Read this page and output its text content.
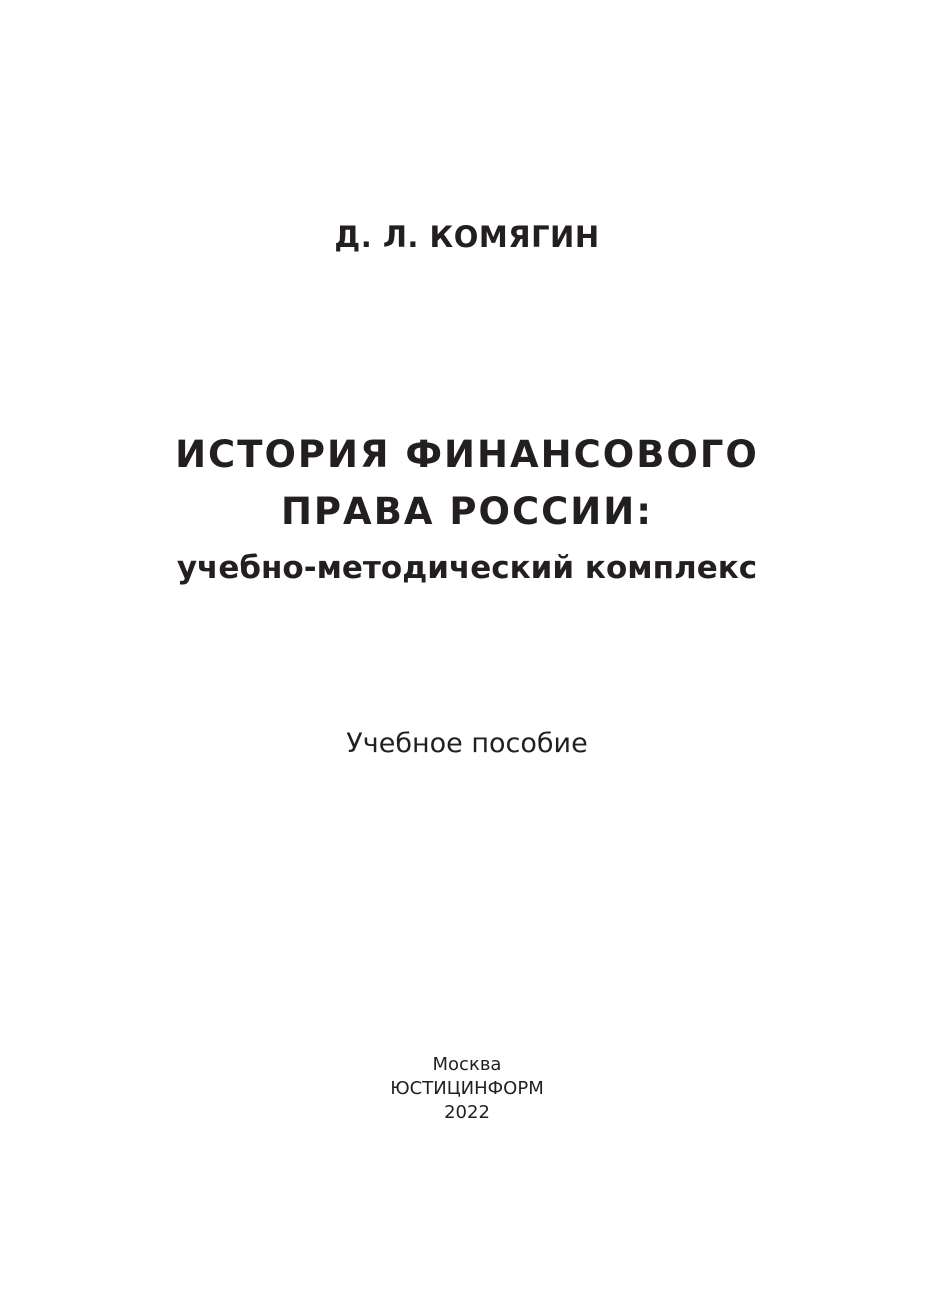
Д. Л. КОМЯГИН
ИСТОРИЯ ФИНАНСОВОГО
ПРАВА РОССИИ:
учебно-методический комплекс
Учебное пособие
Москва
ЮСТИЦИНФОРМ
2022
